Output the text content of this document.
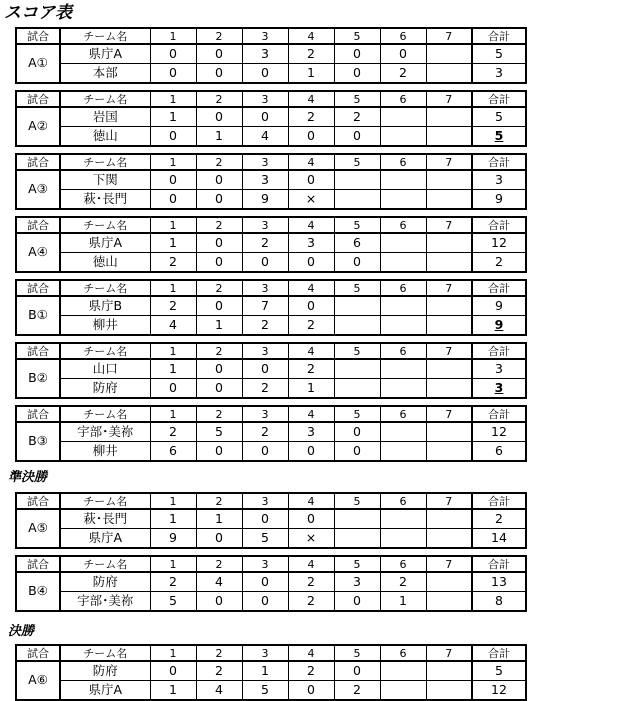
スコア表
準決勝
決勝
試合	チーム名	1	2	3	4	5	6	7	合計
A①	県庁A	0	0	3	2	0	0		5
	本部	0	0	0	1	0	2		3
試合	チーム名	1	2	3	4	5	6	7	合計
A②	岩国	1	0	0	2	2			5
	徳山	0	1	4	0	0			5
試合	チーム名	1	2	3	4	5	6	7	合計
A③	下関	0	0	3	0				3
	萩･長門	0	0	9	×				9
試合	チーム名	1	2	3	4	5	6	7	合計
A④	県庁A	1	0	2	3	6			12
	徳山	2	0	0	0	0			2
試合	チーム名	1	2	3	4	5	6	7	合計
B①	県庁B	2	0	7	0				9
	柳井	4	1	2	2				9
試合	チーム名	1	2	3	4	5	6	7	合計
B②	山口	1	0	0	2				3
	防府	0	0	2	1				3
試合	チーム名	1	2	3	4	5	6	7	合計
B③	宇部･美祢	2	5	2	3	0			12
	柳井	6	0	0	0	0			6
試合	チーム名	1	2	3	4	5	6	7	合計
A⑤	萩･長門	1	1	0	0				2
	県庁A	9	0	5	×				14
試合	チーム名	1	2	3	4	5	6	7	合計
B④	防府	2	4	0	2	3	2		13
	宇部･美祢	5	0	0	2	0	1		8
試合	チーム名	1	2	3	4	5	6	7	合計
A⑥	防府	0	2	1	2	0			5
	県庁A	1	4	5	0	2			12
